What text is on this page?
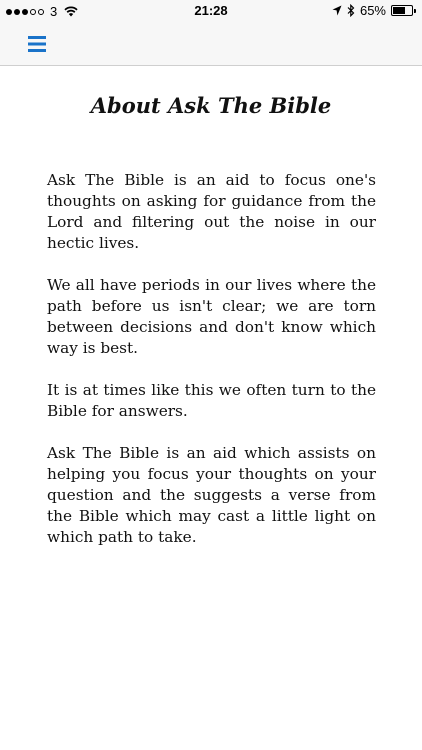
3	21:28	65%
About Ask The Bible

Ask The Bible is an aid to focus one's thoughts on asking for guidance from the Lord and filtering out the noise in our hectic lives.

We all have periods in our lives where the path before us isn't clear; we are torn between decisions and don't know which way is best.

It is at times like this we often turn to the Bible for answers.

Ask The Bible is an aid which assists on helping you focus your thoughts on your question and the suggests a verse from the Bible which may cast a little light on which path to take.
